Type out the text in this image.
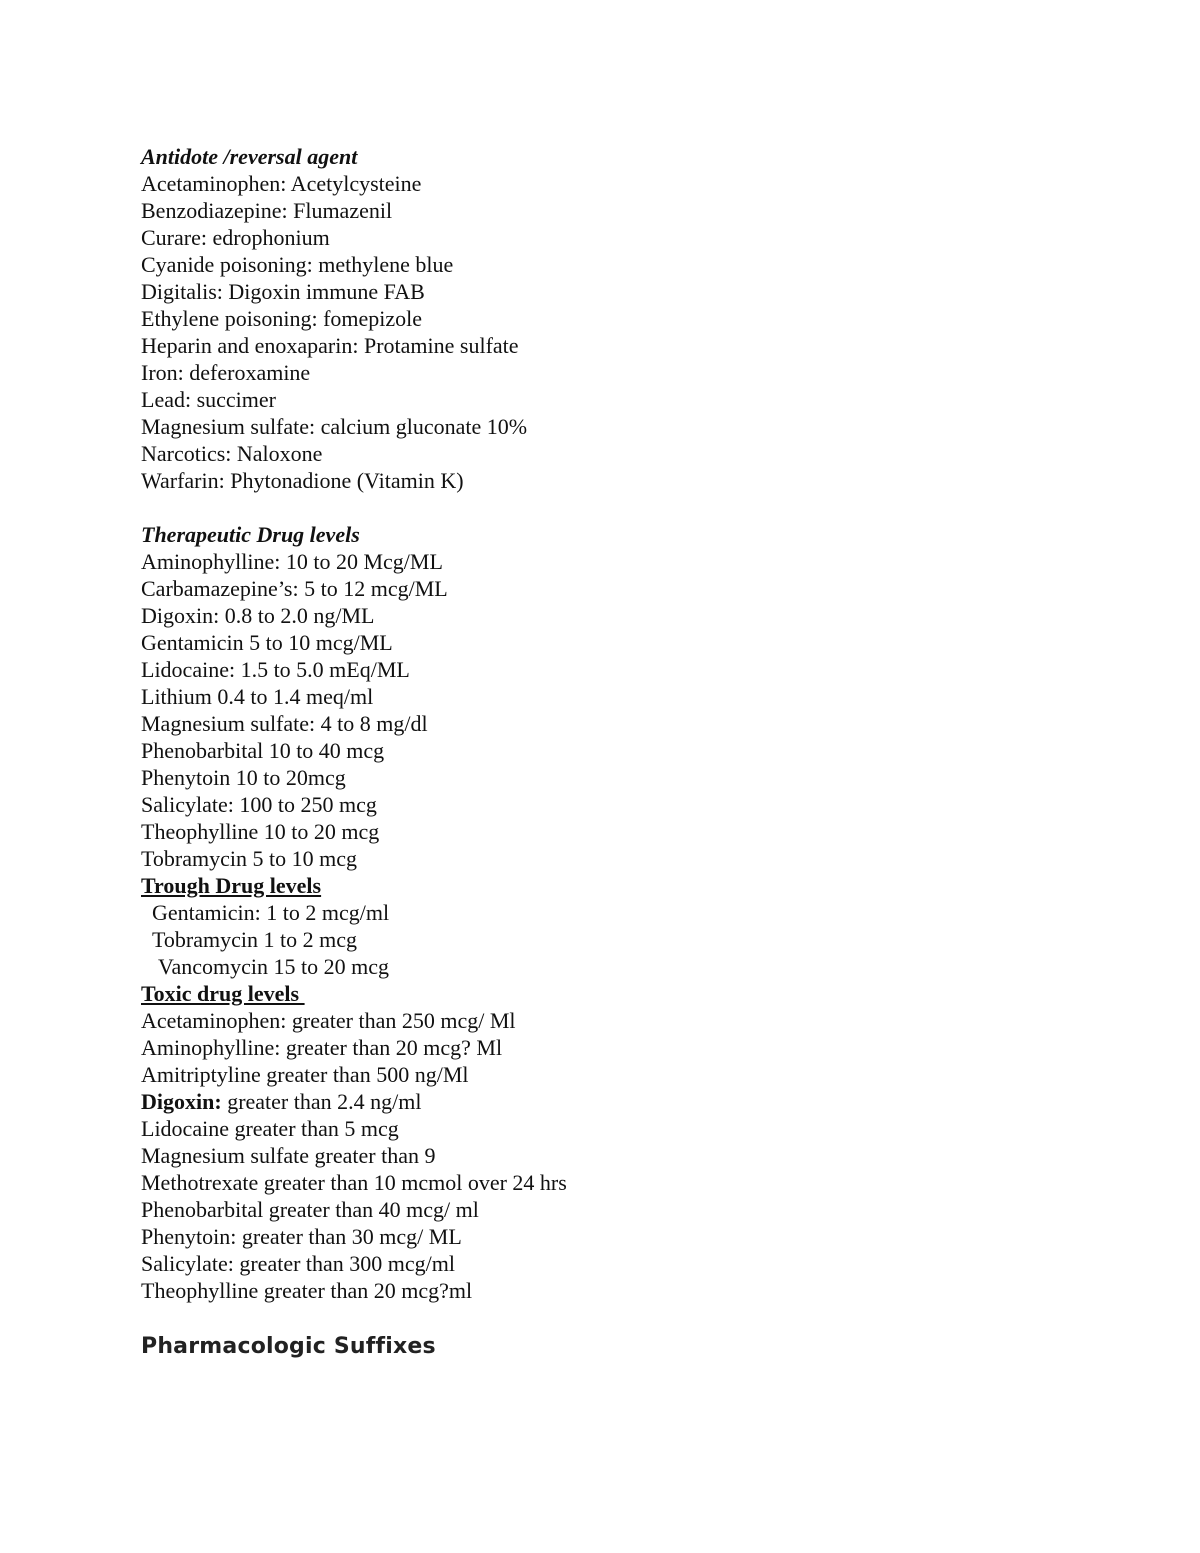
Antidote /reversal agent
Acetaminophen: Acetylcysteine
Benzodiazepine: Flumazenil
Curare: edrophonium
Cyanide poisoning: methylene blue
Digitalis: Digoxin immune FAB
Ethylene poisoning: fomepizole
Heparin and enoxaparin: Protamine sulfate
Iron: deferoxamine
Lead: succimer
Magnesium sulfate: calcium gluconate 10%
Narcotics: Naloxone
Warfarin: Phytonadione (Vitamin K)
Therapeutic Drug levels
Aminophylline: 10 to 20 Mcg/ML
Carbamazepine’s: 5 to 12 mcg/ML
Digoxin: 0.8 to 2.0 ng/ML
Gentamicin 5 to 10 mcg/ML
Lidocaine: 1.5 to 5.0 mEq/ML
Lithium 0.4 to 1.4 meq/ml
Magnesium sulfate: 4 to 8 mg/dl
Phenobarbital 10 to 40 mcg
Phenytoin 10 to 20mcg
Salicylate: 100 to 250 mcg
Theophylline 10 to 20 mcg
Tobramycin 5 to 10 mcg
Trough Drug levels
Gentamicin: 1 to 2 mcg/ml
Tobramycin 1 to 2 mcg
Vancomycin 15 to 20 mcg
Toxic drug levels
Acetaminophen: greater than 250 mcg/ Ml
Aminophylline: greater than 20 mcg? Ml
Amitriptyline greater than 500 ng/Ml
Digoxin: greater than 2.4 ng/ml
Lidocaine greater than 5 mcg
Magnesium sulfate greater than 9
Methotrexate greater than 10 mcmol over 24 hrs
Phenobarbital greater than 40 mcg/ ml
Phenytoin: greater than 30 mcg/ ML
Salicylate: greater than 300 mcg/ml
Theophylline greater than 20 mcg?ml
Pharmacologic Suffixes
